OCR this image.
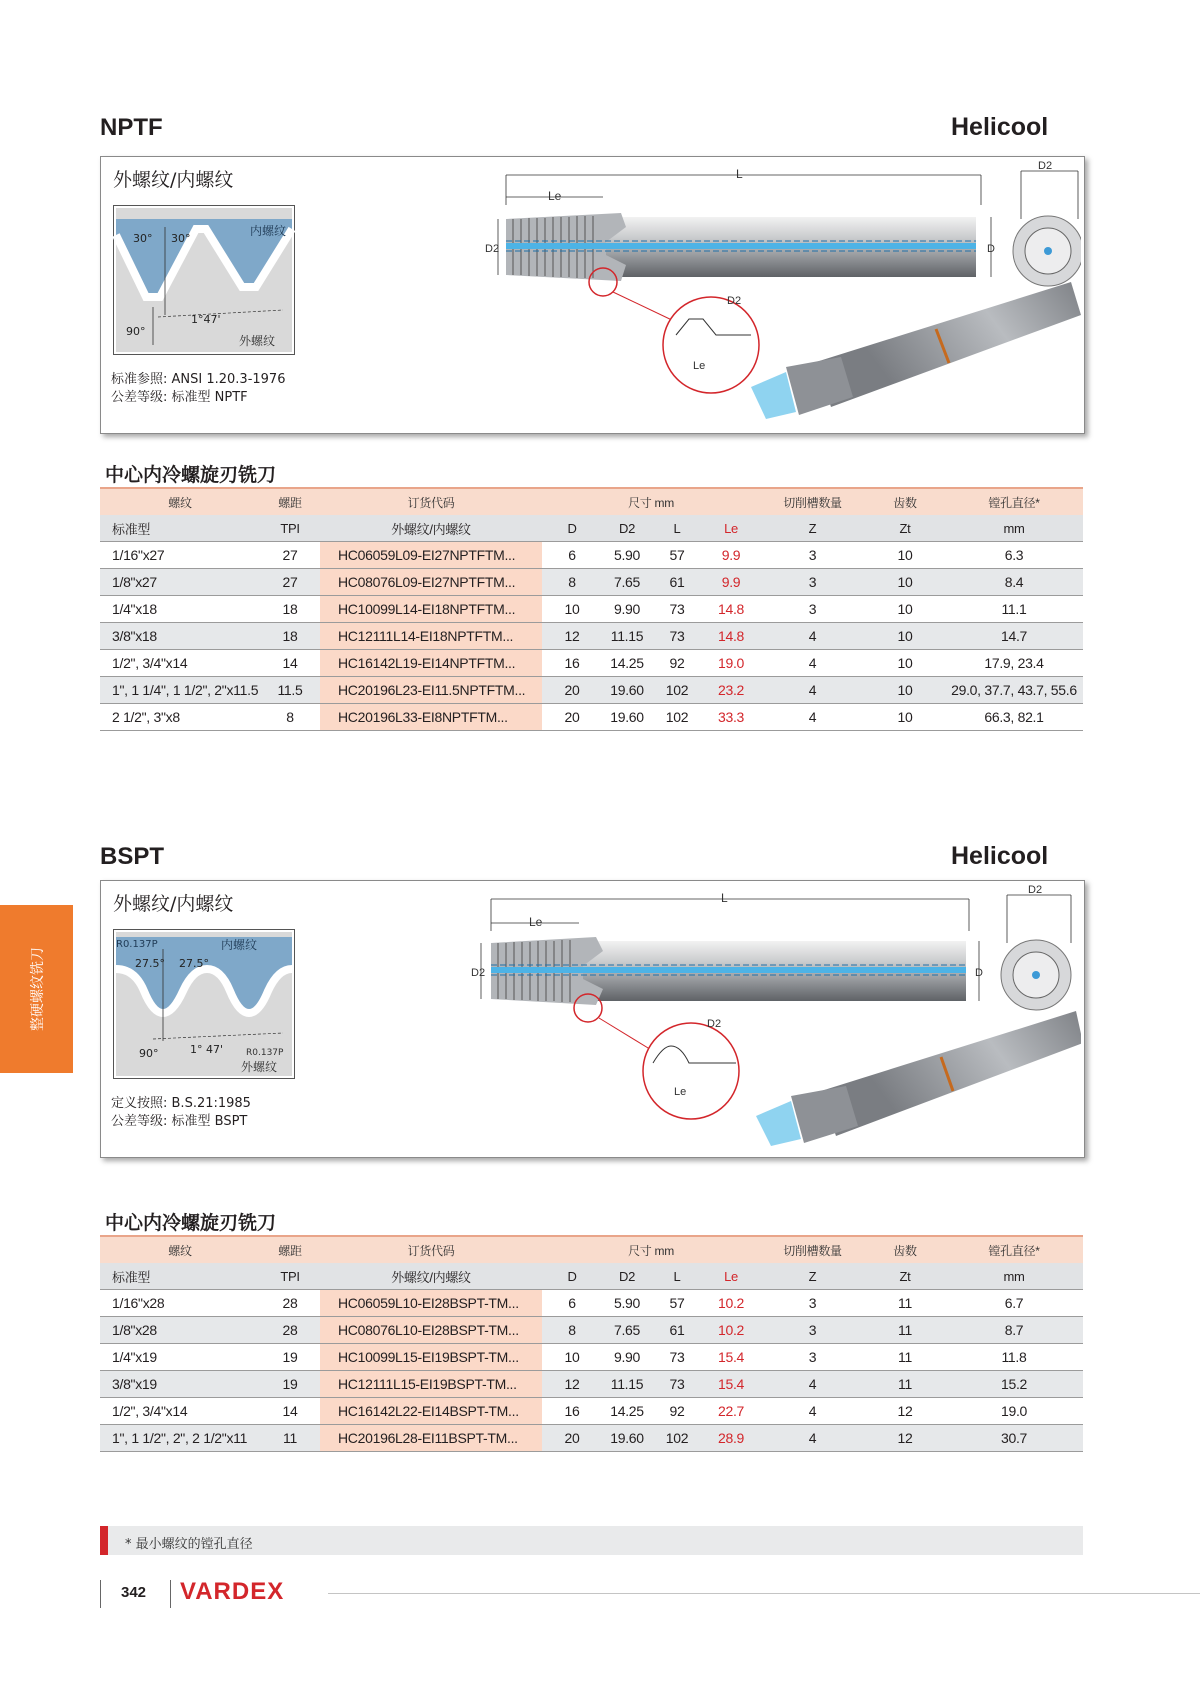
NPTF	Helicool
外螺纹/内螺纹
内螺纹
30° 30°
90°
1°47'
外螺纹
标准参照: ANSI 1.20.3-1976
公差等级: 标准型 NPTF
L
Le
D2	D
D2
D2
Le
中心内冷螺旋刃铣刀
螺纹	螺距	订货代码	尺寸 mm				切削槽数量	齿数	镗孔直径*
标准型	TPI	外螺纹/内螺纹	D	D2	L	Le	Z	Zt	mm
1/16"x27	27	HC06059L09-EI27NPTFTM...	6	5.90	57	9.9	3	10	6.3
1/8"x27	27	HC08076L09-EI27NPTFTM...	8	7.65	61	9.9	3	10	8.4
1/4"x18	18	HC10099L14-EI18NPTFTM...	10	9.90	73	14.8	3	10	11.1
3/8"x18	18	HC12111L14-EI18NPTFTM...	12	11.15	73	14.8	4	10	14.7
1/2", 3/4"x14	14	HC16142L19-EI14NPTFTM...	16	14.25	92	19.0	4	10	17.9, 23.4
1", 1 1/4", 1 1/2", 2"x11.5	11.5	HC20196L23-EI11.5NPTFTM...	20	19.60	102	23.2	4	10	29.0, 37.7, 43.7, 55.6
2 1/2", 3"x8	8	HC20196L33-EI8NPTFTM...	20	19.60	102	33.3	4	10	66.3, 82.1
BSPT	Helicool
外螺纹/内螺纹
R0.137P	内螺纹
27.5° 27.5°
90°	1° 47'	R0.137P
外螺纹
定义按照: B.S.21:1985
公差等级: 标准型 BSPT
L
Le
D2	D
D2
D2
Le
中心内冷螺旋刃铣刀
螺纹	螺距	订货代码	尺寸 mm				切削槽数量	齿数	镗孔直径*
标准型	TPI	外螺纹/内螺纹	D	D2	L	Le	Z	Zt	mm
1/16"x28	28	HC06059L10-EI28BSPT-TM...	6	5.90	57	10.2	3	11	6.7
1/8"x28	28	HC08076L10-EI28BSPT-TM...	8	7.65	61	10.2	3	11	8.7
1/4"x19	19	HC10099L15-EI19BSPT-TM...	10	9.90	73	15.4	3	11	11.8
3/8"x19	19	HC12111L15-EI19BSPT-TM...	12	11.15	73	15.4	4	11	15.2
1/2", 3/4"x14	14	HC16142L22-EI14BSPT-TM...	16	14.25	92	22.7	4	12	19.0
1", 1 1/2", 2", 2 1/2"x11	11	HC20196L28-EI11BSPT-TM...	20	19.60	102	28.9	4	12	30.7
整硬螺纹铣刀
* 最小螺纹的镗孔直径
342 VARDEX
